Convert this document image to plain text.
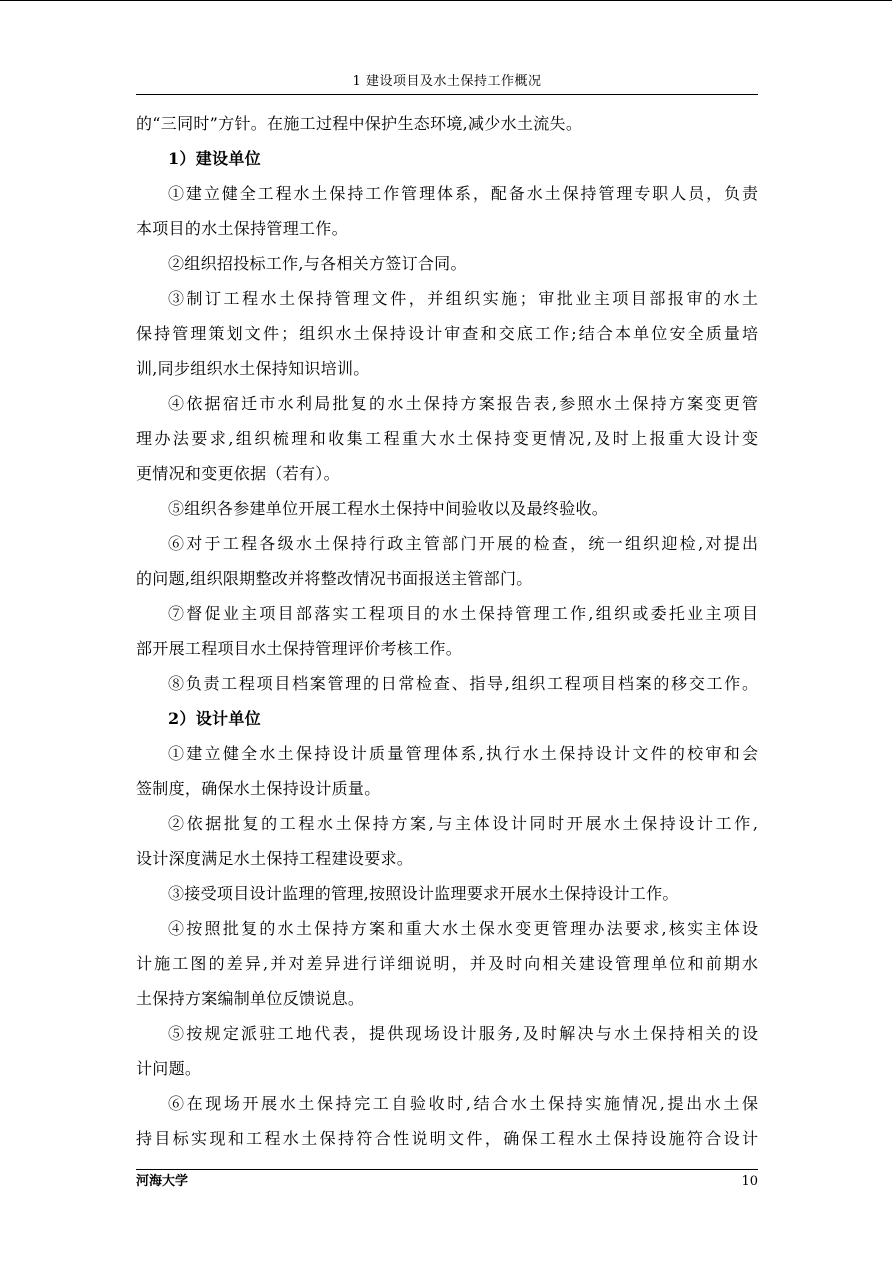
1 建设项目及水土保持工作概况
的“三同时”方针。在施工过程中保护生态环境,减少水土流失。
1）建设单位
①建立健全工程水土保持工作管理体系，配备水土保持管理专职人员，负责
本项目的水土保持管理工作。
②组织招投标工作,与各相关方签订合同。
③制订工程水土保持管理文件，并组织实施；审批业主项目部报审的水土
保持管理策划文件；组织水土保持设计审查和交底工作;结合本单位安全质量培
训,同步组织水土保持知识培训。
④依据宿迁市水利局批复的水土保持方案报告表,参照水土保持方案变更管
理办法要求,组织梳理和收集工程重大水土保持变更情况,及时上报重大设计变
更情况和变更依据（若有）。
⑤组织各参建单位开展工程水土保持中间验收以及最终验收。
⑥对于工程各级水土保持行政主管部门开展的检查，统一组织迎检,对提出
的问题,组织限期整改并将整改情况书面报送主管部门。
⑦督促业主项目部落实工程项目的水土保持管理工作,组织或委托业主项目
部开展工程项目水土保持管理评价考核工作。
⑧负责工程项目档案管理的日常检查、指导,组织工程项目档案的移交工作。
2）设计单位
①建立健全水土保持设计质量管理体系,执行水土保持设计文件的校审和会
签制度，确保水土保持设计质量。
②依据批复的工程水土保持方案,与主体设计同时开展水土保持设计工作,
设计深度满足水土保持工程建设要求。
③接受项目设计监理的管理,按照设计监理要求开展水土保持设计工作。
④按照批复的水土保持方案和重大水土保水变更管理办法要求,核实主体设
计施工图的差异,并对差异进行详细说明，并及时向相关建设管理单位和前期水
土保持方案编制单位反馈说息。
⑤按规定派驻工地代表，提供现场设计服务,及时解决与水土保持相关的设
计问题。
⑥在现场开展水土保持完工自验收时,结合水土保持实施情况,提出水土保
持目标实现和工程水土保持符合性说明文件，确保工程水土保持设施符合设计
河海大学	10
